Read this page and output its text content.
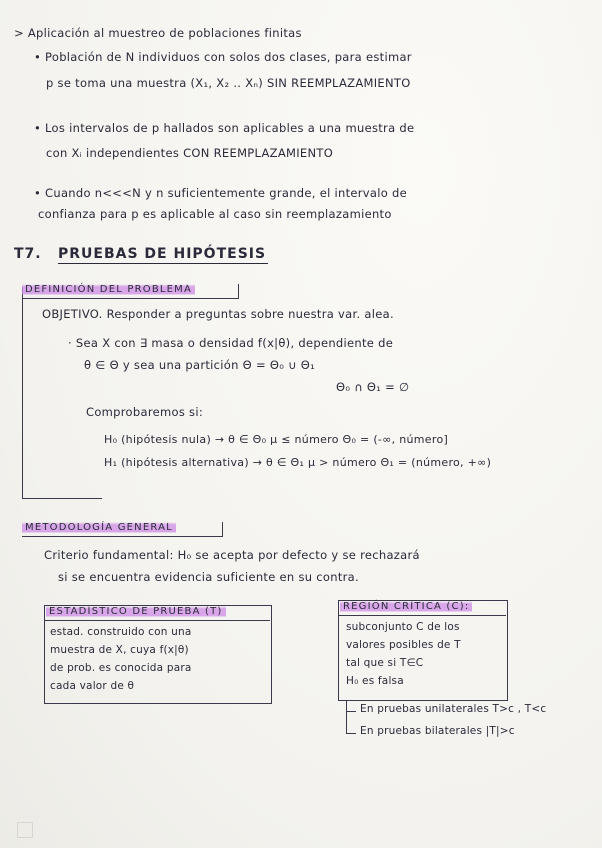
> Aplicación al muestreo de poblaciones finitas
• Población de N individuos con solos dos clases, para estimar
p se toma una muestra (X₁, X₂ .. Xₙ) SIN REEMPLAZAMIENTO
• Los intervalos de p hallados son aplicables a una muestra de
con Xᵢ independientes CON REEMPLAZAMIENTO
• Cuando n<<<N y n suficientemente grande, el intervalo de
confianza para p es aplicable al caso sin reemplazamiento
T7. PRUEBAS DE HIPÓTESIS
DEFINICIÓN DEL PROBLEMA
OBJETIVO. Responder a preguntas sobre nuestra var. alea.
· Sea X con ∃ masa o densidad f(x|θ), dependiente de
θ ∈ Θ y sea una partición Θ = Θ₀ ∪ Θ₁
Θ₀ ∩ Θ₁ = ∅
Comprobaremos si:
H₀ (hipótesis nula) → θ ∈ Θ₀ μ ≤ número Θ₀ = (-∞, número]
H₁ (hipótesis alternativa) → θ ∈ Θ₁ μ > número Θ₁ = (número, +∞)
METODOLOGÍA GENERAL
Criterio fundamental: H₀ se acepta por defecto y se rechazará
si se encuentra evidencia suficiente en su contra.
ESTADÍSTICO DE PRUEBA (T)
estad. construido con una
muestra de X, cuya f(x|θ)
de prob. es conocida para
cada valor de θ
REGIÓN CRÍTICA (C):
subconjunto C de los
valores posibles de T
tal que si T∈C
H₀ es falsa
En pruebas unilaterales T>c , T<c
En pruebas bilaterales |T|>c
